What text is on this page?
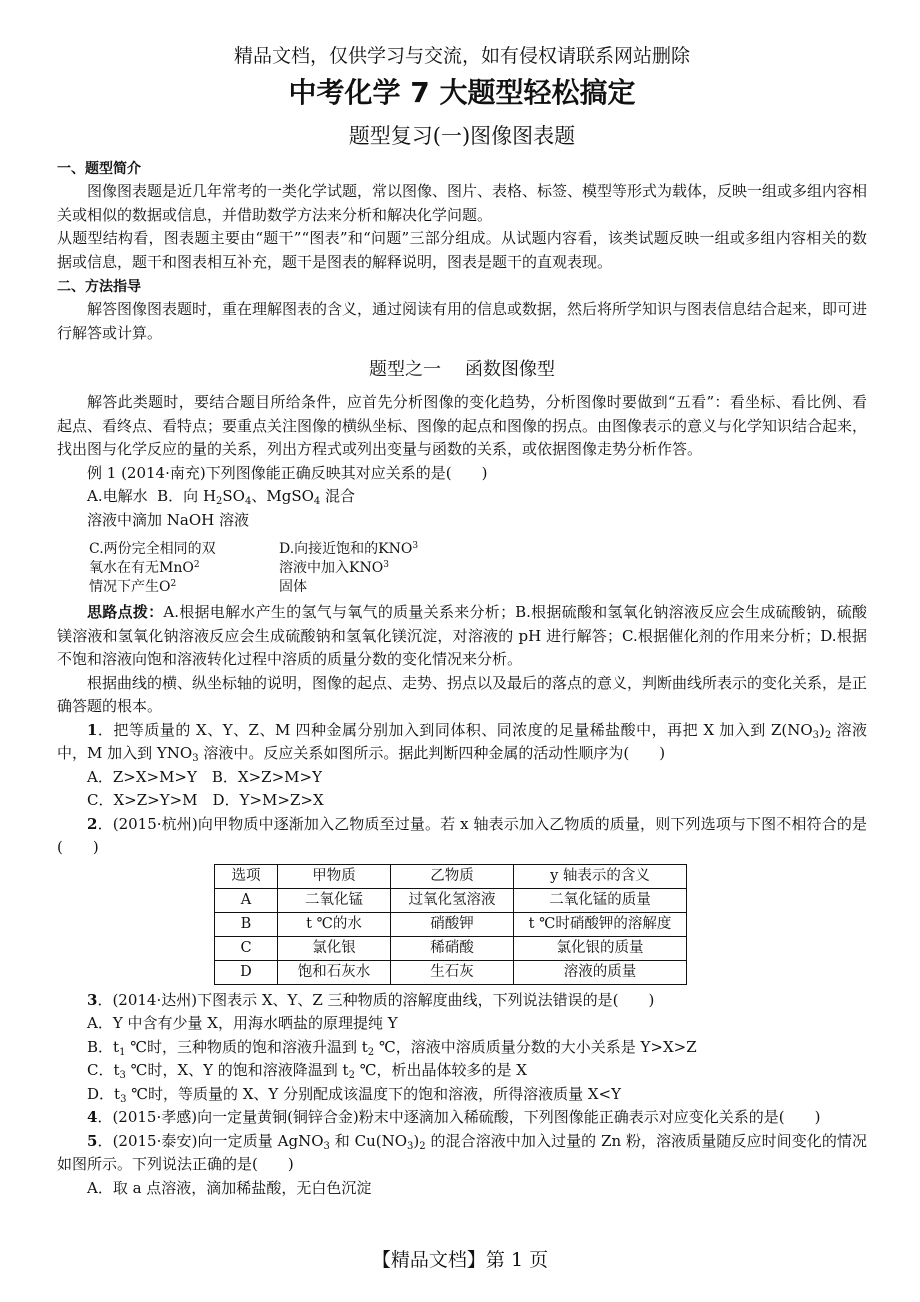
精品文档，仅供学习与交流，如有侵权请联系网站删除

中考化学 7 大题型轻松搞定

题型复习(一)图像图表题

一、题型简介

图像图表题是近几年常考的一类化学试题，常以图像、图片、表格、标签、模型等形式为载体，反映一组或多组内容相关或相似的数据或信息，并借助数学方法来分析和解决化学问题。

从题型结构看，图表题主要由“题干”“图表”和“问题”三部分组成。从试题内容看，该类试题反映一组或多组内容相关的数据或信息，题干和图表相互补充，题干是图表的解释说明，图表是题干的直观表现。

二、方法指导

解答图像图表题时，重在理解图表的含义，通过阅读有用的信息或数据，然后将所学知识与图表信息结合起来，即可进行解答或计算。

题型之一 函数图像型

解答此类题时，要结合题目所给条件，应首先分析图像的变化趋势，分析图像时要做到“五看”：看坐标、看比例、看起点、看终点、看特点；要重点关注图像的横纵坐标、图像的起点和图像的拐点。由图像表示的意义与化学知识结合起来，找出图与化学反应的量的关系，列出方程式或列出变量与函数的关系，或依据图像走势分析作答。

例 1 (2014·南充)下列图像能正确反映其对应关系的是(　　)

A.电解水 B．向 $H_2SO_4$、MgSO$_4$ 混合

溶液中滴加 NaOH 溶液

C.两份完全相同的双	D.向接近饱和的KNO$^3$
氧水在有无MnO$^2$	溶液中加入KNO$^3$
情况下产生$O^2$	固体

思路点拨：A.根据电解水产生的氢气与氧气的质量关系来分析；B.根据硫酸和氢氧化钠溶液反应会生成硫酸钠，硫酸镁溶液和氢氧化钠溶液反应会生成硫酸钠和氢氧化镁沉淀，对溶液的 pH 进行解答；C.根据催化剂的作用来分析；D.根据不饱和溶液向饱和溶液转化过程中溶质的质量分数的变化情况来分析。

根据曲线的横、纵坐标轴的说明，图像的起点、走势、拐点以及最后的落点的意义，判断曲线所表示的变化关系，是正确答题的根本。

1．把等质量的 X、Y、Z、M 四种金属分别加入到同体积、同浓度的足量稀盐酸中，再把 X 加入到 $Z(NO_3)_2$ 溶液中，M 加入到 $YNO_3$ 溶液中。反应关系如图所示。据此判断四种金属的活动性顺序为(　　)

A．Z>X>M>Y　B．X>Z>M>Y

C．X>Z>Y>M　D．Y>M>Z>X

2．(2015·杭州)向甲物质中逐渐加入乙物质至过量。若 x 轴表示加入乙物质的质量，则下列选项与下图不相符合的是(　　)

选项	甲物质	乙物质	y 轴表示的含义
A	二氧化锰	过氧化氢溶液	二氧化锰的质量
B	t ℃的水	硝酸钾	t ℃时硝酸钾的溶解度
C	氯化银	稀硝酸	氯化银的质量
D	饱和石灰水	生石灰	溶液的质量

3．(2014·达州)下图表示 X、Y、Z 三种物质的溶解度曲线，下列说法错误的是(　　)

A．Y 中含有少量 X，用海水晒盐的原理提纯 Y

B．$t_1$ ℃时，三种物质的饱和溶液升温到 $t_2$ ℃，溶液中溶质质量分数的大小关系是 Y>X>Z

C．$t_3$ ℃时，X、Y 的饱和溶液降温到 $t_2$ ℃，析出晶体较多的是 X

D．$t_3$ ℃时，等质量的 X、Y 分别配成该温度下的饱和溶液，所得溶液质量 X<Y

4．(2015·孝感)向一定量黄铜(铜锌合金)粉末中逐滴加入稀硫酸，下列图像能正确表示对应变化关系的是(　　)

5．(2015·泰安)向一定质量 AgNO$_3$ 和 $Cu(NO_3)_2$ 的混合溶液中加入过量的 Zn 粉，溶液质量随反应时间变化的情况如图所示。下列说法正确的是(　　)

A．取 a 点溶液，滴加稀盐酸，无白色沉淀

【精品文档】第 1 页
